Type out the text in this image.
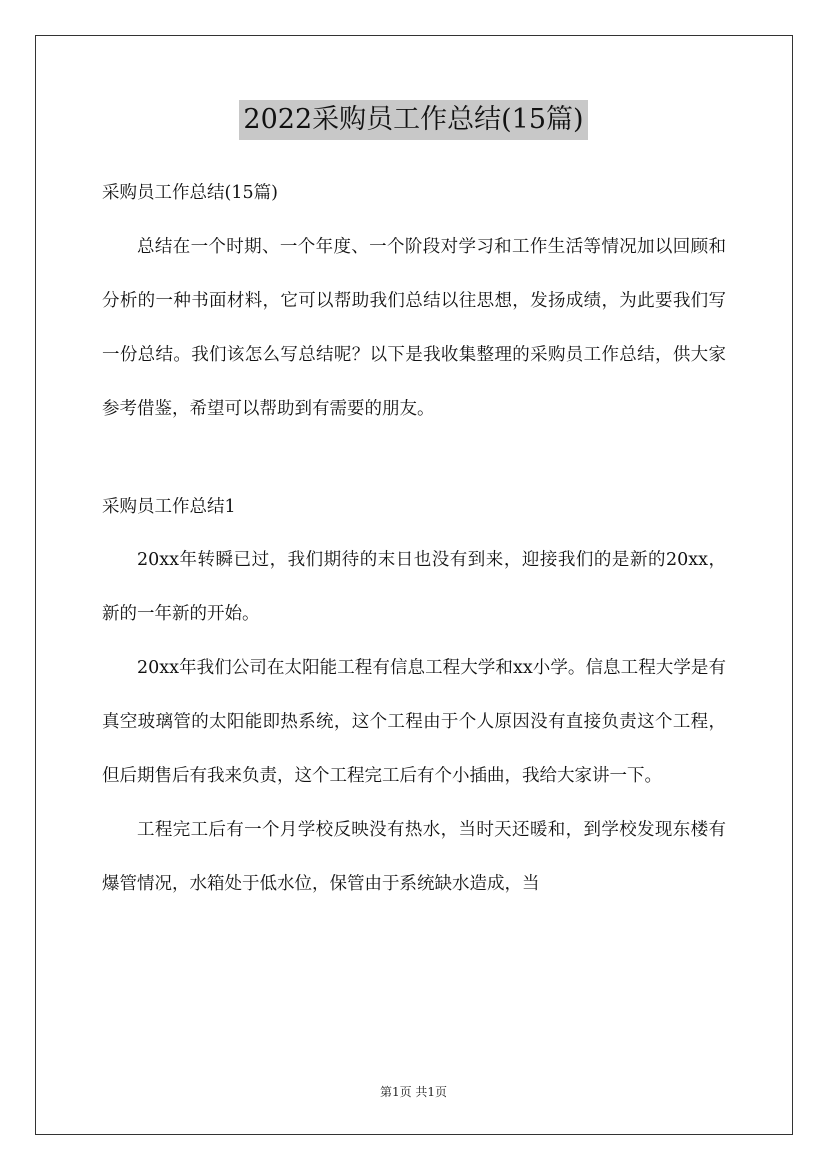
2022采购员工作总结(15篇)

采购员工作总结(15篇)

总结在一个时期、一个年度、一个阶段对学习和工作生活等情况加以回顾和分析的一种书面材料，它可以帮助我们总结以往思想，发扬成绩，为此要我们写一份总结。我们该怎么写总结呢？以下是我收集整理的采购员工作总结，供大家参考借鉴，希望可以帮助到有需要的朋友。

采购员工作总结1

20xx年转瞬已过，我们期待的末日也没有到来，迎接我们的是新的20xx，新的一年新的开始。

20xx年我们公司在太阳能工程有信息工程大学和xx小学。信息工程大学是有真空玻璃管的太阳能即热系统，这个工程由于个人原因没有直接负责这个工程，但后期售后有我来负责，这个工程完工后有个小插曲，我给大家讲一下。

工程完工后有一个月学校反映没有热水，当时天还暖和，到学校发现东楼有爆管情况，水箱处于低水位，保管由于系统缺水造成，当

第1页 共1页
